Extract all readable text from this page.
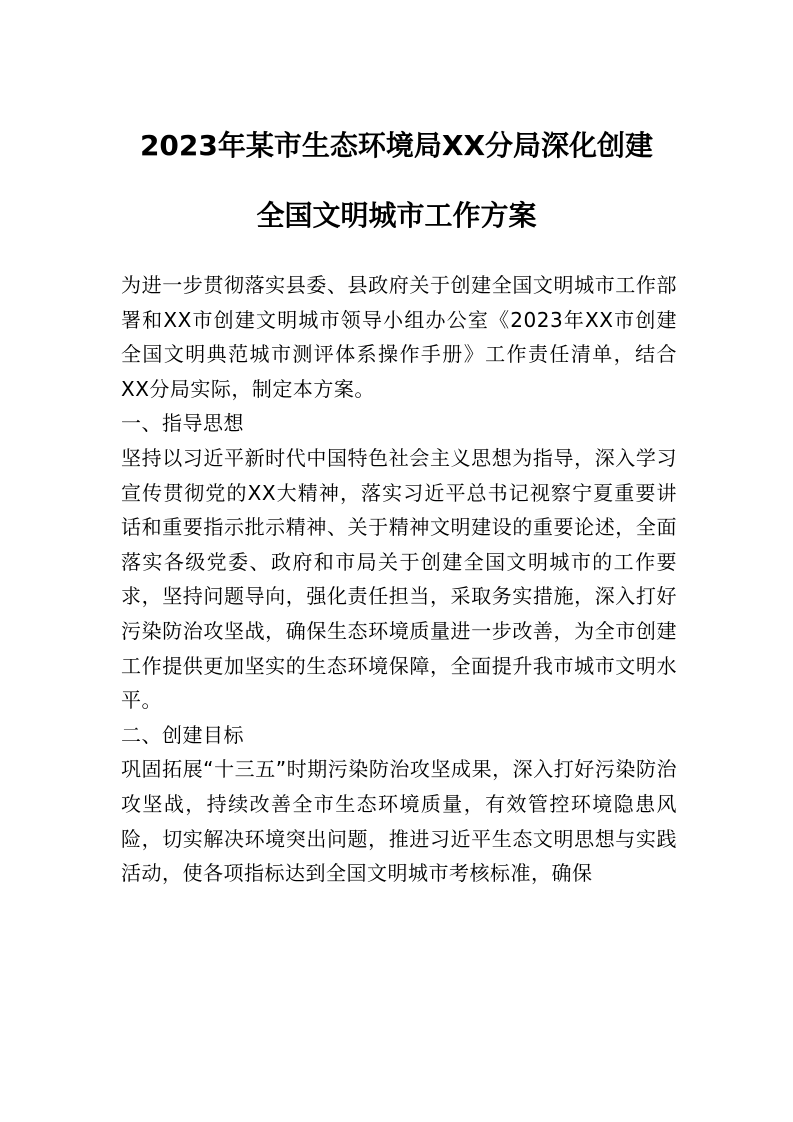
2023年某市生态环境局XX分局深化创建
全国文明城市工作方案

为进一步贯彻落实县委、县政府关于创建全国文明城市工作部署和XX市创建文明城市领导小组办公室《2023年XX市创建全国文明典范城市测评体系操作手册》工作责任清单，结合XX分局实际，制定本方案。

一、指导思想

坚持以习近平新时代中国特色社会主义思想为指导，深入学习宣传贯彻党的XX大精神，落实习近平总书记视察宁夏重要讲话和重要指示批示精神、关于精神文明建设的重要论述，全面落实各级党委、政府和市局关于创建全国文明城市的工作要求，坚持问题导向，强化责任担当，采取务实措施，深入打好污染防治攻坚战，确保生态环境质量进一步改善，为全市创建工作提供更加坚实的生态环境保障，全面提升我市城市文明水平。

二、创建目标

巩固拓展“十三五”时期污染防治攻坚成果，深入打好污染防治攻坚战，持续改善全市生态环境质量，有效管控环境隐患风险，切实解决环境突出问题，推进习近平生态文明思想与实践活动，使各项指标达到全国文明城市考核标准，确保
